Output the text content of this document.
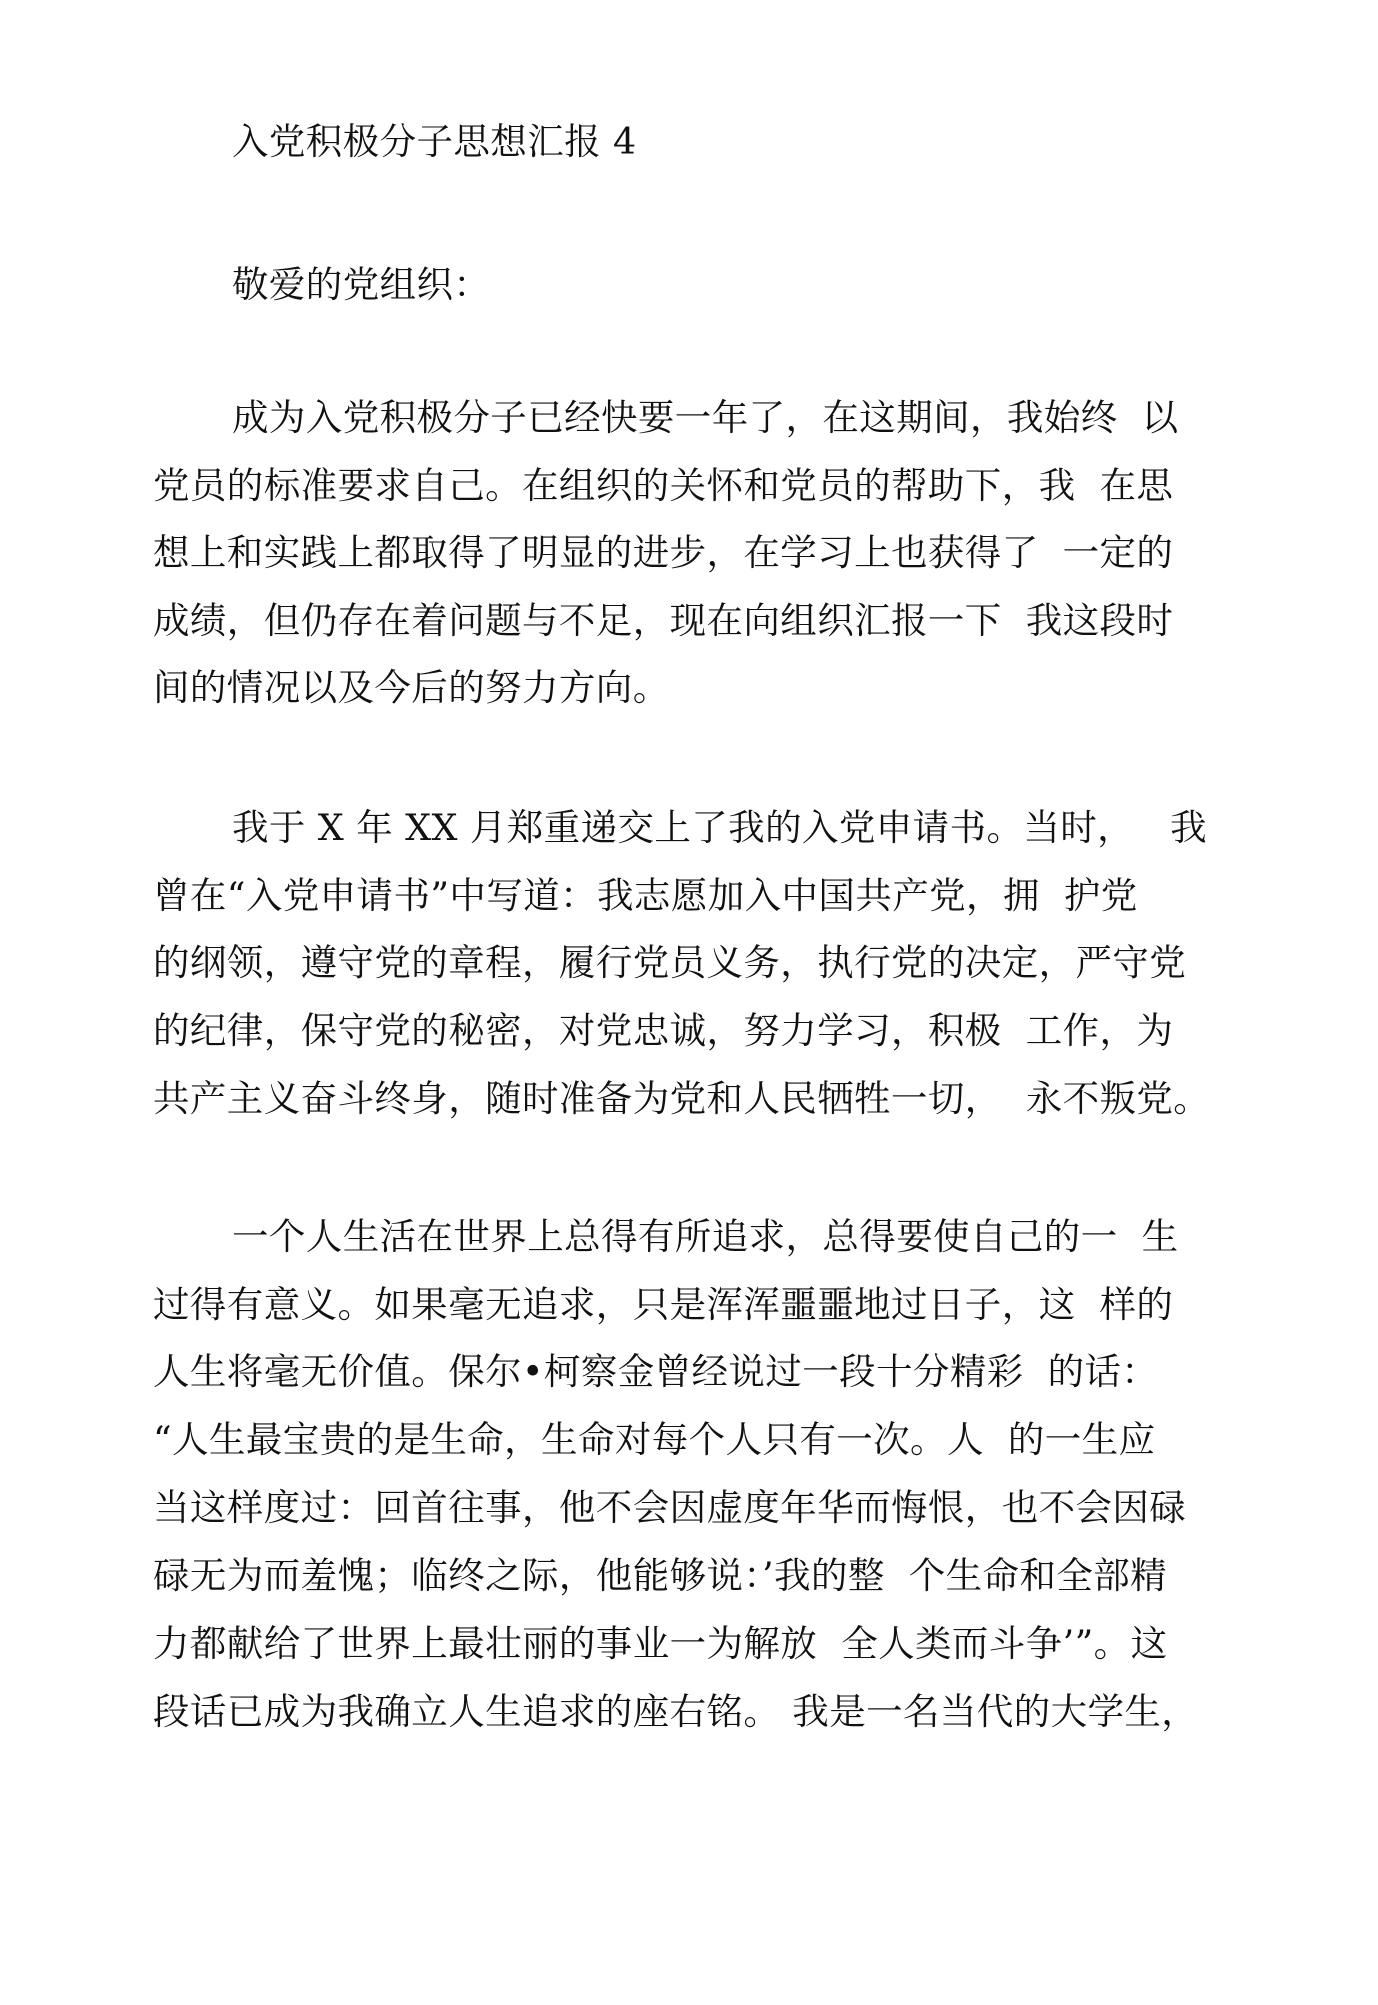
入党积极分子思想汇报 4
敬爱的党组织：
成为入党积极分子已经快要一年了，在这期间，我始终  以
党员的标准要求自己。在组织的关怀和党员的帮助下，我  在思
想上和实践上都取得了明显的进步，在学习上也获得了  一定的
成绩，但仍存在着问题与不足，现在向组织汇报一下  我这段时
间的情况以及今后的努力方向。
我于 X 年 XX 月郑重递交上了我的入党申请书。当时，   我
曾在“入党申请书”中写道：我志愿加入中国共产党，拥  护党
的纲领，遵守党的章程，履行党员义务，执行党的决定，严守党
的纪律，保守党的秘密，对党忠诚，努力学习，积极  工作，为
共产主义奋斗终身，随时准备为党和人民牺牲一切，  永不叛党。
一个人生活在世界上总得有所追求，总得要使自己的一  生
过得有意义。如果毫无追求，只是浑浑噩噩地过日子，这  样的
人生将毫无价值。保尔•柯察金曾经说过一段十分精彩  的话：
“人生最宝贵的是生命，生命对每个人只有一次。人  的一生应
当这样度过：回首往事，他不会因虚度年华而悔恨，也不会因碌
碌无为而羞愧；临终之际，他能够说：’我的整  个生命和全部精
力都献给了世界上最壮丽的事业一为解放  全人类而斗争’”。这
段话已成为我确立人生追求的座右铭。 我是一名当代的大学生，
